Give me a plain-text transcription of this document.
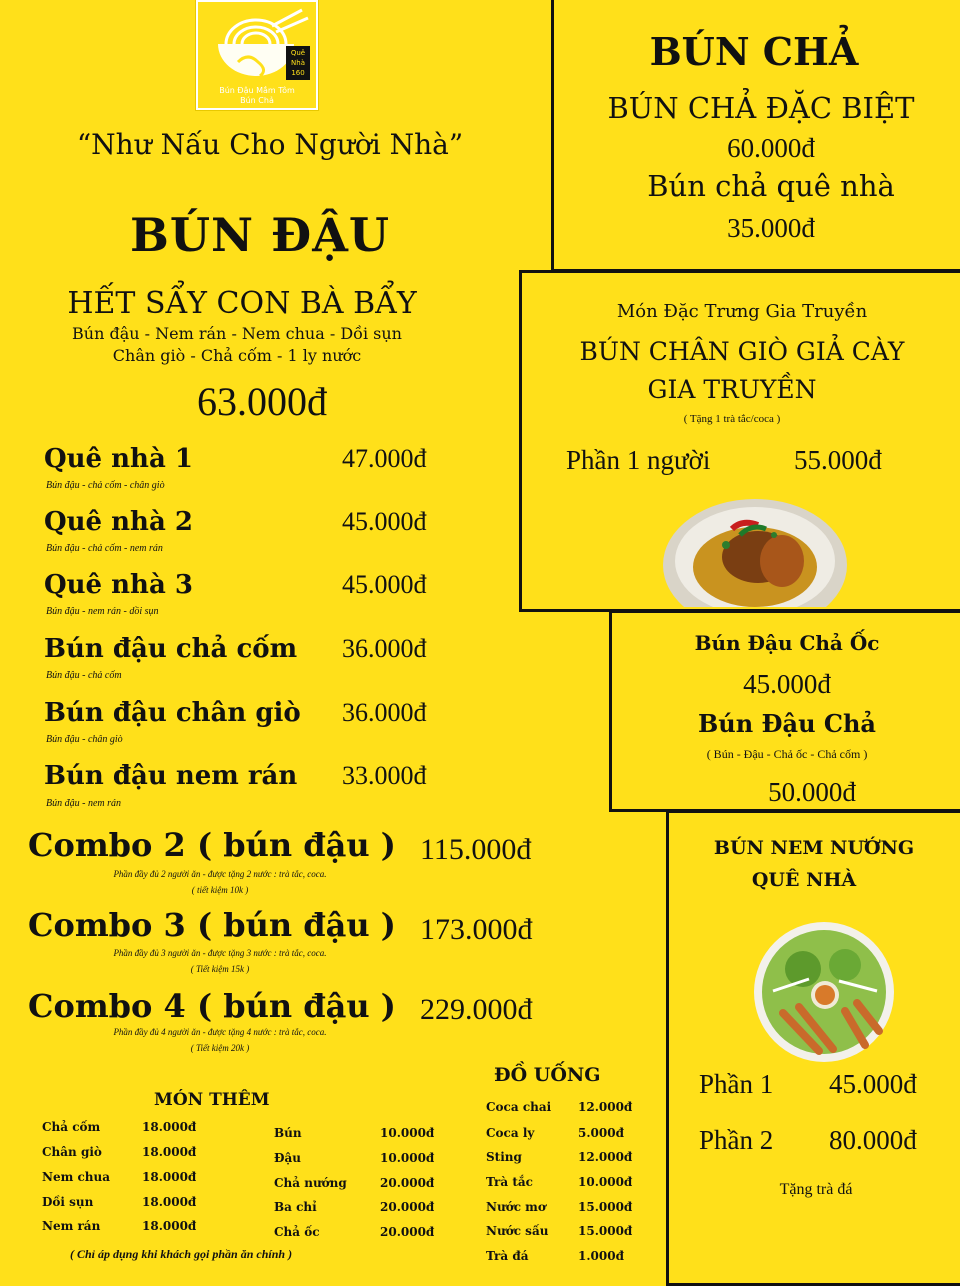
Quê Nhà 160
Bún Đậu Mắm Tôm
Bún Chả
“Như Nấu Cho Người Nhà”
BÚN ĐẬU
HẾT SẨY CON BÀ BẨY
Bún đậu - Nem rán - Nem chua - Dồi sụn
Chân giò - Chả cốm - 1 ly nước
63.000đ
Quê nhà 1	47.000đ
Bún đậu - chả cốm - chân giò
Quê nhà 2	45.000đ
Bún đậu - chả cốm - nem rán
Quê nhà 3	45.000đ
Bún đậu - nem rán - dồi sụn
Bún đậu chả cốm 36.000đ
Bún đậu - chả cốm
Bún đậu chân giò 36.000đ
Bún đậu - chân giò
Bún đậu nem rán 33.000đ
Bún đậu - nem rán
Combo 2 ( bún đậu ) 115.000đ
Phần đầy đủ 2 người ăn - được tặng 2 nước : trà tắc, coca.
( tiết kiệm 10k )
Combo 3 ( bún đậu ) 173.000đ
Phần đầy đủ 3 người ăn - được tặng 3 nước : trà tắc, coca.
( Tiết kiệm 15k )
Combo 4 ( bún đậu ) 229.000đ
Phần đầy đủ 4 người ăn - được tặng 4 nước : trà tắc, coca.
( Tiết kiệm 20k )
MÓN THÊM
Chả cốm	18.000đ
Chân giò	18.000đ
Nem chua	18.000đ
Dồi sụn	18.000đ
Nem rán	18.000đ
Bún	10.000đ
Đậu	10.000đ
Chả nướng	20.000đ
Ba chỉ	20.000đ
Chả ốc	20.000đ
( Chỉ áp dụng khi khách gọi phần ăn chính )
ĐỒ UỐNG
Coca chai 12.000đ
Coca ly	5.000đ
Sting	12.000đ
Trà tắc	10.000đ
Nước mơ	15.000đ
Nước sấu 15.000đ
Trà đá	1.000đ
BÚN CHẢ
BÚN CHẢ ĐẶC BIỆT
60.000đ
Bún chả quê nhà
35.000đ
Món Đặc Trưng Gia Truyền
BÚN CHÂN GIÒ GIẢ CÀY
GIA TRUYỀN
( Tặng 1 trà tắc/coca )
Phần 1 người	55.000đ
Bún Đậu Chả Ốc
45.000đ
Bún Đậu Chả
( Bún - Đậu - Chả ốc - Chả cốm )
50.000đ
BÚN NEM NƯỚNG
QUÊ NHÀ
Phần 1 45.000đ
Phần 2 80.000đ
Tặng trà đá
